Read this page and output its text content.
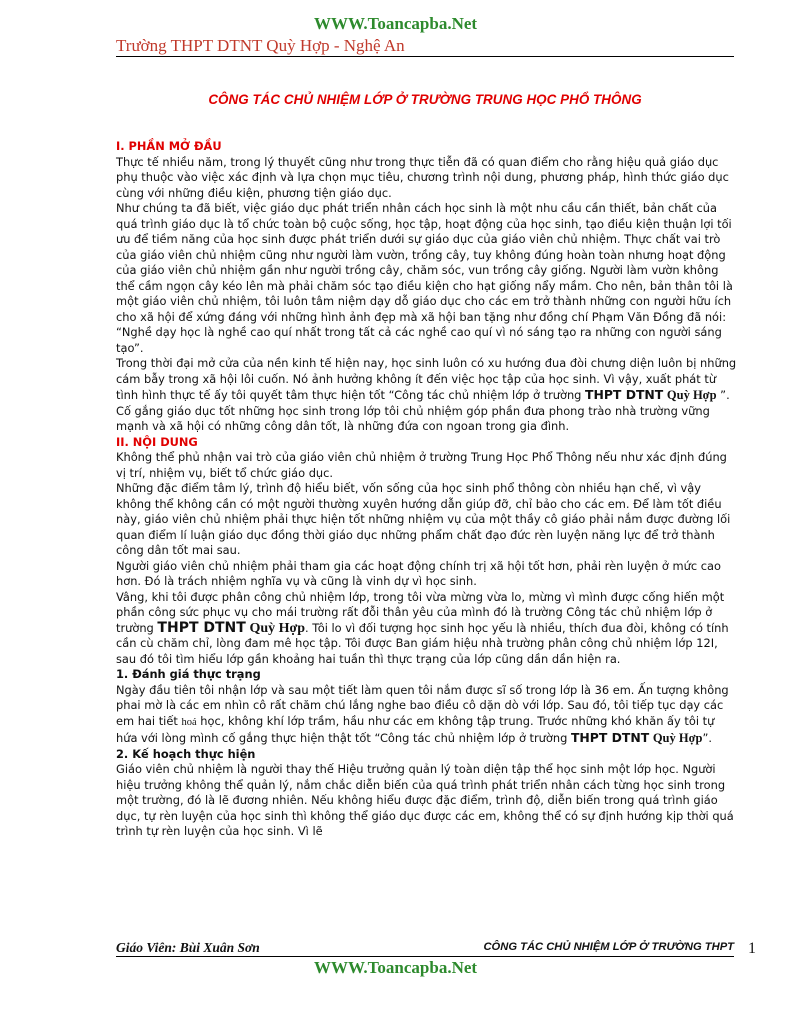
WWW.Toancapba.Net
Trường THPT DTNT Quỳ Hợp - Nghệ An
CÔNG TÁC CHỦ NHIỆM LỚP Ở TRƯỜNG TRUNG HỌC PHỔ THÔNG

I. PHẦN MỞ ĐẦU

Thực tế nhiều năm, trong lý thuyết cũng như trong thực tiễn đã có quan điểm cho rằng hiệu quả giáo dục phụ thuộc vào việc xác định và lựa chọn mục tiêu, chương trình nội dung, phương pháp, hình thức giáo dục cùng với những điều kiện, phương tiện giáo dục.

Như chúng ta đã biết, việc giáo dục phát triển nhân cách học sinh là một nhu cầu cần thiết, bản chất của quá trình giáo dục là tổ chức toàn bộ cuộc sống, học tập, hoạt động của học sinh, tạo điều kiện thuận lợi tối ưu để tiềm năng của học sinh được phát triển dưới sự giáo dục của giáo viên chủ nhiệm. Thực chất vai trò của giáo viên chủ nhiệm cũng như người làm vườn, trồng cây, tuy không đúng hoàn toàn nhưng hoạt động của giáo viên chủ nhiệm gần như người trồng cây, chăm sóc, vun trồng cây giống. Người làm vườn không thể cầm ngọn cây kéo lên mà phải chăm sóc tạo điều kiện cho hạt giống nẩy mầm. Cho nên, bản thân tôi là một giáo viên chủ nhiệm, tôi luôn tâm niệm dạy dỗ giáo dục cho các em trở thành những con người hữu ích cho xã hội để xứng đáng với những hình ảnh đẹp mà xã hội ban tặng như đồng chí Phạm Văn Đồng đã nói: “Nghề dạy học là nghề cao quí nhất trong tất cả các nghề cao quí vì nó sáng tạo ra những con người sáng tạo”.

Trong thời đại mở cửa của nền kinh tế hiện nay, học sinh luôn có xu hướng đua đòi chưng diện luôn bị những cám bẫy trong xã hội lôi cuốn. Nó ảnh hưởng không ít đến việc học tập của học sinh. Vì vậy, xuất phát từ tình hình thực tế ấy tôi quyết tâm thực hiện tốt “Công tác chủ nhiệm lớp ở trường THPT DTNT Quỳ Hợp ”. Cố gắng giáo dục tốt những học sinh trong lớp tôi chủ nhiệm góp phần đưa phong trào nhà trường vững mạnh và xã hội có những công dân tốt, là những đứa con ngoan trong gia đình.

II. NỘI DUNG

Không thể phủ nhận vai trò của giáo viên chủ nhiệm ở trường Trung Học Phổ Thông nếu như xác định đúng vị trí, nhiệm vụ, biết tổ chức giáo dục.

Những đặc điểm tâm lý, trình độ hiểu biết, vốn sống của học sinh phổ thông còn nhiều hạn chế, vì vậy không thể không cần có một người thường xuyên hướng dẫn giúp đỡ, chỉ bảo cho các em. Để làm tốt điều này, giáo viên chủ nhiệm phải thực hiện tốt những nhiệm vụ của một thầy cô giáo phải nắm được đường lối quan điểm lí luận giáo dục đồng thời giáo dục những phẩm chất đạo đức rèn luyện năng lực để trở thành công dân tốt mai sau.

Người giáo viên chủ nhiệm phải tham gia các hoạt động chính trị xã hội tốt hơn, phải rèn luyện ở mức cao hơn. Đó là trách nhiệm nghĩa vụ và cũng là vinh dự vì học sinh.

Vâng, khi tôi được phân công chủ nhiệm lớp, trong tôi vừa mừng vừa lo, mừng vì mình được cống hiến một phần công sức phục vụ cho mái trường rất đỗi thân yêu của mình đó là trường Công tác chủ nhiệm lớp ở trường THPT DTNT Quỳ Hợp. Tôi lo vì đối tượng học sinh học yếu là nhiều, thích đua đòi, không có tính cần cù chăm chỉ, lòng đam mê học tập. Tôi được Ban giám hiệu nhà trường phân công chủ nhiệm lớp 12I, sau đó tôi tìm hiểu lớp gần khoảng hai tuần thì thực trạng của lớp cũng dần dần hiện ra.

1. Đánh giá thực trạng

Ngày đầu tiên tôi nhận lớp và sau một tiết làm quen tôi nắm được sĩ số trong lớp là 36 em. Ấn tượng không phai mờ là các em nhìn cô rất chăm chú lắng nghe bao điều cô dặn dò với lớp. Sau đó, tôi tiếp tục dạy các em hai tiết hoá học, không khí lớp trầm, hầu như các em không tập trung. Trước những khó khăn ấy tôi tự hứa với lòng mình cố gắng thực hiện thật tốt “Công tác chủ nhiệm lớp ở trường THPT DTNT Quỳ Hợp”.

2. Kế hoạch thực hiện

Giáo viên chủ nhiệm là người thay thế Hiệu trưởng quản lý toàn diện tập thể học sinh một lớp học. Người hiệu trưởng không thể quản lý, nắm chắc diễn biến của quá trình phát triển nhân cách từng học sinh trong một trường, đó là lẽ đương nhiên. Nếu không hiểu được đặc điểm, trình độ, diễn biến trong quá trình giáo dục, tự rèn luyện của học sinh thì không thể giáo dục được các em, không thể có sự định hướng kịp thời quá trình tự rèn luyện của học sinh. Vì lẽ

Giáo Viên: Bùi Xuân Sơn	CÔNG TÁC CHỦ NHIỆM LỚP Ở TRƯỜNG THPT 1
WWW.Toancapba.Net
